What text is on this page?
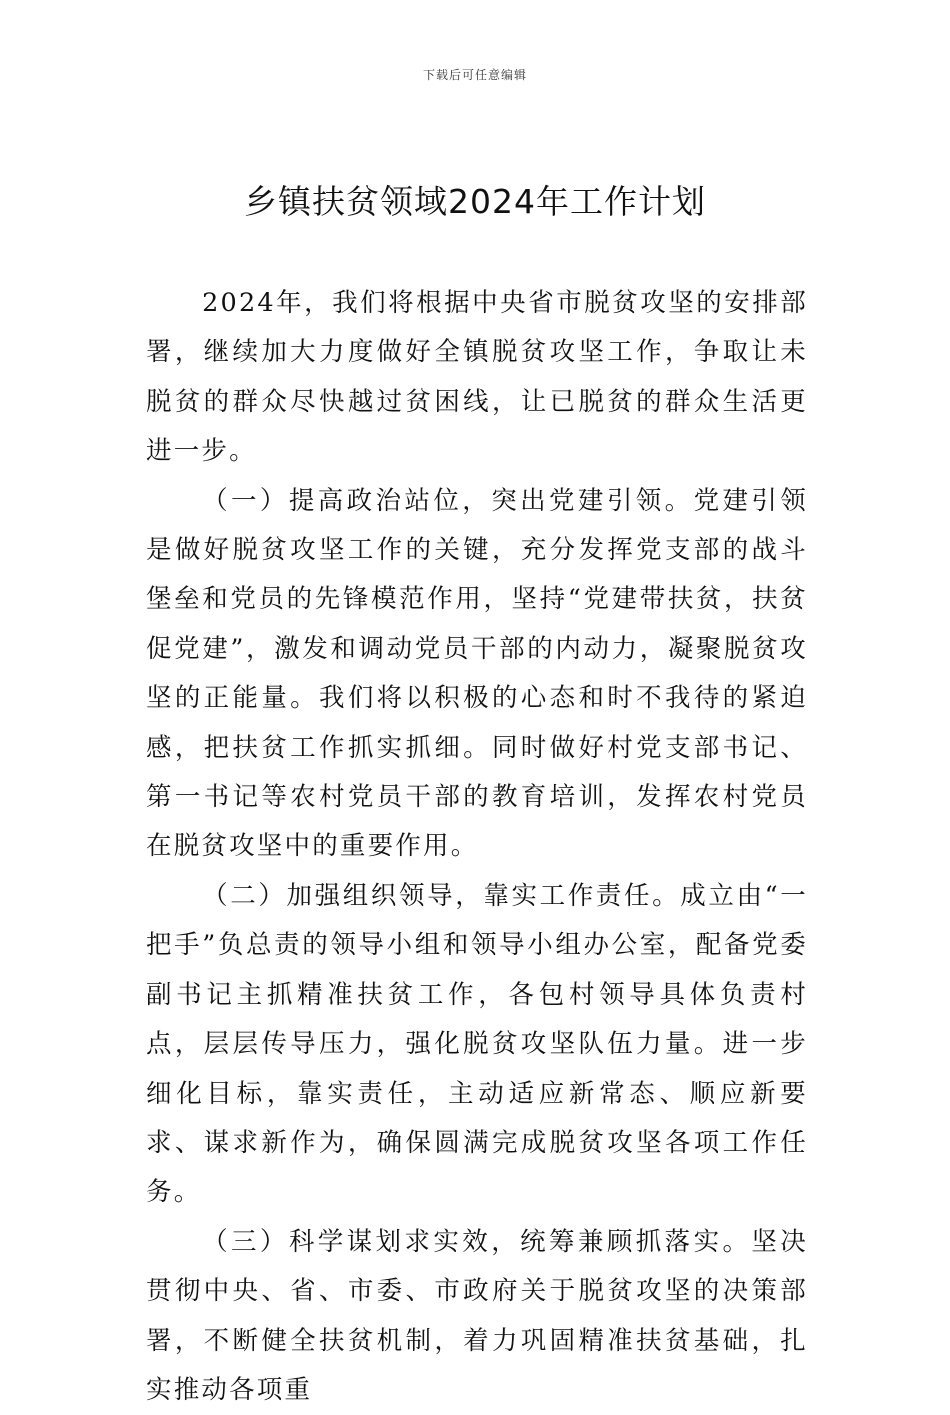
下载后可任意编辑
乡镇扶贫领域2024年工作计划

2024年，我们将根据中央省市脱贫攻坚的安排部署，继续加大力度做好全镇脱贫攻坚工作，争取让未脱贫的群众尽快越过贫困线，让已脱贫的群众生活更进一步。

（一）提高政治站位，突出党建引领。党建引领是做好脱贫攻坚工作的关键，充分发挥党支部的战斗堡垒和党员的先锋模范作用，坚持“党建带扶贫，扶贫促党建”，激发和调动党员干部的内动力，凝聚脱贫攻坚的正能量。我们将以积极的心态和时不我待的紧迫感，把扶贫工作抓实抓细。同时做好村党支部书记、第一书记等农村党员干部的教育培训，发挥农村党员在脱贫攻坚中的重要作用。

（二）加强组织领导，靠实工作责任。成立由“一把手”负总责的领导小组和领导小组办公室，配备党委副书记主抓精准扶贫工作，各包村领导具体负责村点，层层传导压力，强化脱贫攻坚队伍力量。进一步细化目标，靠实责任，主动适应新常态、顺应新要求、谋求新作为，确保圆满完成脱贫攻坚各项工作任务。

（三）科学谋划求实效，统筹兼顾抓落实。坚决贯彻中央、省、市委、市政府关于脱贫攻坚的决策部署，不断健全扶贫机制，着力巩固精准扶贫基础，扎实推动各项重
